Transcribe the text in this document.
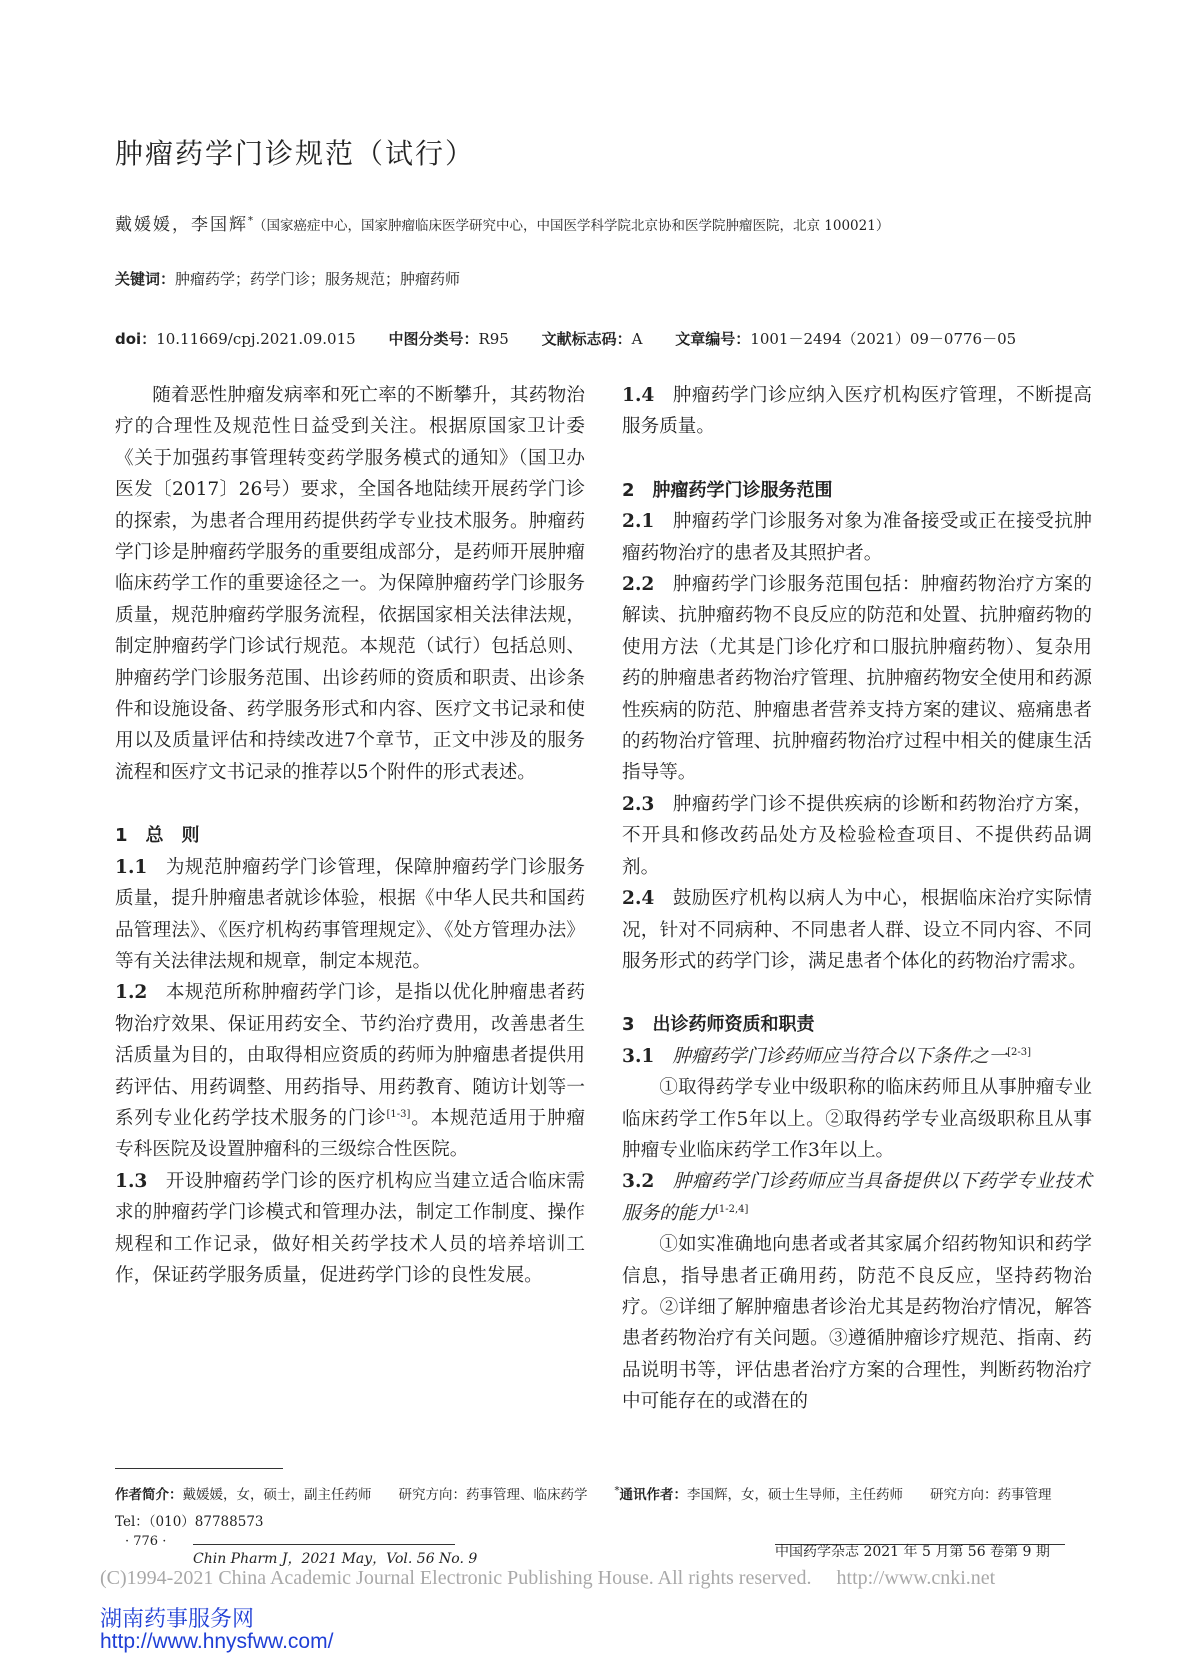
肿瘤药学门诊规范（试行）
戴媛媛，李国辉*（国家癌症中心，国家肿瘤临床医学研究中心，中国医学科学院北京协和医学院肿瘤医院，北京 100021）
关键词：肿瘤药学；药学门诊；服务规范；肿瘤药师
doi：10.11669/cpj.2021.09.015 中图分类号：R95 文献标志码：A 文章编号：1001－2494（2021）09－0776－05

随着恶性肿瘤发病率和死亡率的不断攀升，其药物治疗的合理性及规范性日益受到关注。根据原国家卫计委《关于加强药事管理转变药学服务模式的通知》（国卫办医发〔2017〕26号）要求，全国各地陆续开展药学门诊的探索，为患者合理用药提供药学专业技术服务。肿瘤药学门诊是肿瘤药学服务的重要组成部分，是药师开展肿瘤临床药学工作的重要途径之一。为保障肿瘤药学门诊服务质量，规范肿瘤药学服务流程，依据国家相关法律法规，制定肿瘤药学门诊试行规范。本规范（试行）包括总则、肿瘤药学门诊服务范围、出诊药师的资质和职责、出诊条件和设施设备、药学服务形式和内容、医疗文书记录和使用以及质量评估和持续改进7个章节，正文中涉及的服务流程和医疗文书记录的推荐以5个附件的形式表述。

1 总　则

1.1 为规范肿瘤药学门诊管理，保障肿瘤药学门诊服务质量，提升肿瘤患者就诊体验，根据《中华人民共和国药品管理法》、《医疗机构药事管理规定》、《处方管理办法》等有关法律法规和规章，制定本规范。

1.2 本规范所称肿瘤药学门诊，是指以优化肿瘤患者药物治疗效果、保证用药安全、节约治疗费用，改善患者生活质量为目的，由取得相应资质的药师为肿瘤患者提供用药评估、用药调整、用药指导、用药教育、随访计划等一系列专业化药学技术服务的门诊[1-3]。本规范适用于肿瘤专科医院及设置肿瘤科的三级综合性医院。

1.3 开设肿瘤药学门诊的医疗机构应当建立适合临床需求的肿瘤药学门诊模式和管理办法，制定工作制度、操作规程和工作记录，做好相关药学技术人员的培养培训工作，保证药学服务质量，促进药学门诊的良性发展。

1.4 肿瘤药学门诊应纳入医疗机构医疗管理，不断提高服务质量。

2 肿瘤药学门诊服务范围

2.1 肿瘤药学门诊服务对象为准备接受或正在接受抗肿瘤药物治疗的患者及其照护者。

2.2 肿瘤药学门诊服务范围包括：肿瘤药物治疗方案的解读、抗肿瘤药物不良反应的防范和处置、抗肿瘤药物的使用方法（尤其是门诊化疗和口服抗肿瘤药物）、复杂用药的肿瘤患者药物治疗管理、抗肿瘤药物安全使用和药源性疾病的防范、肿瘤患者营养支持方案的建议、癌痛患者的药物治疗管理、抗肿瘤药物治疗过程中相关的健康生活指导等。

2.3 肿瘤药学门诊不提供疾病的诊断和药物治疗方案，不开具和修改药品处方及检验检查项目、不提供药品调剂。

2.4 鼓励医疗机构以病人为中心，根据临床治疗实际情况，针对不同病种、不同患者人群、设立不同内容、不同服务形式的药学门诊，满足患者个体化的药物治疗需求。

3 出诊药师资质和职责

3.1 肿瘤药学门诊药师应当符合以下条件之一[2-3]

①取得药学专业中级职称的临床药师且从事肿瘤专业临床药学工作5年以上。②取得药学专业高级职称且从事肿瘤专业临床药学工作3年以上。

3.2 肿瘤药学门诊药师应当具备提供以下药学专业技术服务的能力[1-2,4]

①如实准确地向患者或者其家属介绍药物知识和药学信息，指导患者正确用药，防范不良反应，坚持药物治疗。②详细了解肿瘤患者诊治尤其是药物治疗情况，解答患者药物治疗有关问题。③遵循肿瘤诊疗规范、指南、药品说明书等，评估患者治疗方案的合理性，判断药物治疗中可能存在的或潜在的

作者简介：戴媛媛，女，硕士，副主任药师　　研究方向：药事管理、临床药学　　*通讯作者：李国辉，女，硕士生导师，主任药师　　研究方向：药事管理　　Tel：（010）87788573
· 776 ·
Chin Pharm J，2021 May，Vol. 56 No. 9	中国药学杂志 2021 年 5 月第 56 卷第 9 期
(C)1994-2021 China Academic Journal Electronic Publishing House. All rights reserved.　 http://www.cnki.net
湖南药事服务网
http://www.hnysfww.com/
